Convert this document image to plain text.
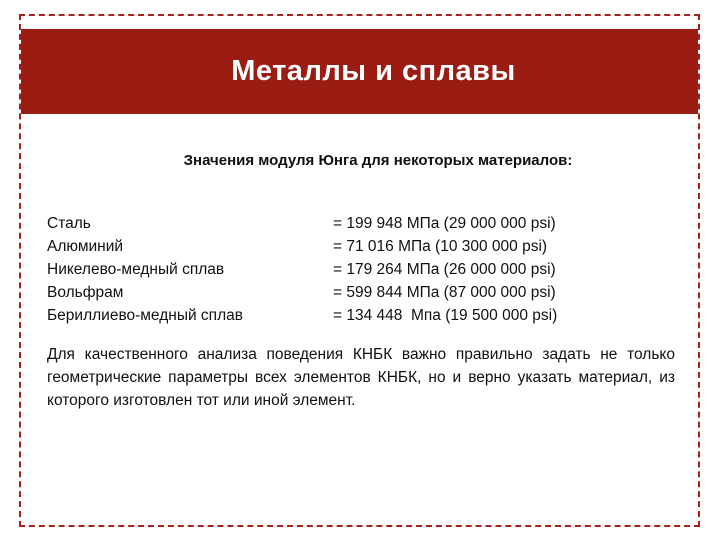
Металлы и сплавы
Значения модуля Юнга для некоторых материалов:
Сталь	= 199 948 МПа (29 000 000 psi)
Алюминий	= 71 016 МПа (10 300 000 psi)
Никелево-медный сплав	= 179 264 МПа (26 000 000 psi)
Вольфрам	= 599 844 МПа (87 000 000 psi)
Бериллиево-медный сплав	= 134 448  Мпа (19 500 000 psi)
Для качественного анализа поведения КНБК важно правильно задать не только геометрические параметры всех элементов КНБК, но и верно указать материал, из которого изготовлен тот или иной элемент.
